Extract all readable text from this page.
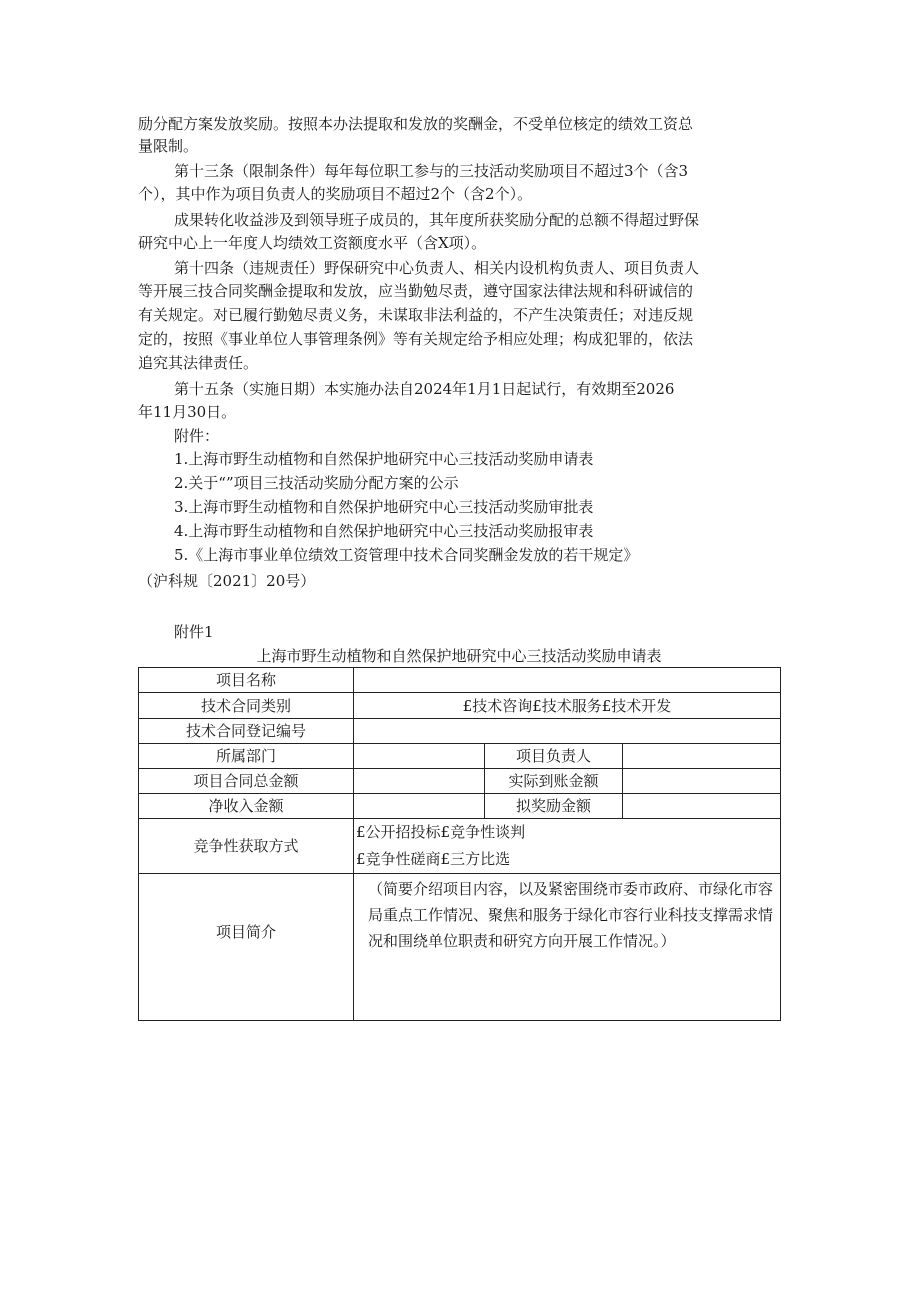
励分配方案发放奖励。按照本办法提取和发放的奖酬金，不受单位核定的绩效工资总
量限制。
第十三条（限制条件）每年每位职工参与的三技活动奖励项目不超过3个（含3
个），其中作为项目负责人的奖励项目不超过2个（含2个）。
成果转化收益涉及到领导班子成员的，其年度所获奖励分配的总额不得超过野保
研究中心上一年度人均绩效工资额度水平（含X项）。
第十四条（违规责任）野保研究中心负责人、相关内设机构负责人、项目负责人
等开展三技合同奖酬金提取和发放，应当勤勉尽责，遵守国家法律法规和科研诚信的
有关规定。对已履行勤勉尽责义务，未谋取非法利益的，不产生决策责任；对违反规
定的，按照《事业单位人事管理条例》等有关规定给予相应处理；构成犯罪的，依法
追究其法律责任。
第十五条（实施日期）本实施办法自2024年1月1日起试行，有效期至2026
年11月30日。
附件：
1.上海市野生动植物和自然保护地研究中心三技活动奖励申请表
2.关于“”项目三技活动奖励分配方案的公示
3.上海市野生动植物和自然保护地研究中心三技活动奖励审批表
4.上海市野生动植物和自然保护地研究中心三技活动奖励报审表
5.《上海市事业单位绩效工资管理中技术合同奖酬金发放的若干规定》
（沪科规〔2021〕20号）
附件1
上海市野生动植物和自然保护地研究中心三技活动奖励申请表
项目名称			
技术合同类别	£技术咨询£技术服务£技术开发		
技术合同登记编号			
所属部门		项目负责人	
项目合同总金额		实际到账金额	
净收入金额		拟奖励金额	
竞争性获取方式	£公开招投标£竞争性谈判
£竞争性磋商£三方比选		

项目简介	（简要介绍项目内容，以及紧密围绕市委市政府、市绿化市容局重点工作情况、聚焦和服务于绿化市容行业科技支撑需求情况和围绕单位职责和研究方向开展工作情况。）		
